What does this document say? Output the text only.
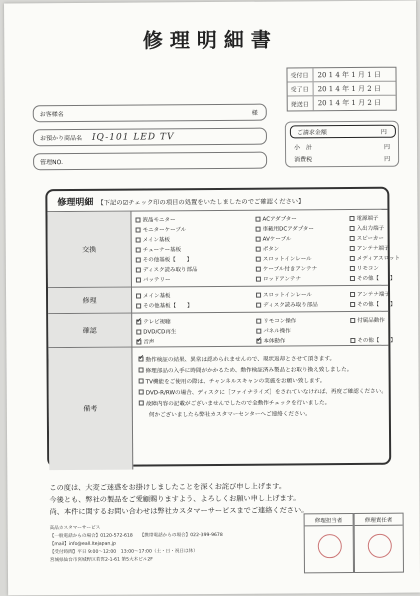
修理明細書
受付日	20 1 4 年 1 月 1 日
受了日	20 1 4 年 1 月 2 日
発送日	20 1 4 年 1 月 2 日
お客様名	様
お預かり商品名 IQ-101 LED TV
管理NO.
ご請求金額	円
小　計	円
消費税	円
修理明細 【下記の☑チェック印の項目の処置をいたしましたのでご確認ください】
交換
液晶モニター	ACアダプター	電源端子
モニターケーブル	車載用DCアダプター	入出力端子
メイン基板	AVケーブル	スピーカー
チューナー基板	ボタン	アンテナ端子
その他基板【　　】	スロットインレール	メディアスロット
ディスク読み取り部品	ケーブル付きアンテナ	リモコン
バッテリー	ロッドアンテナ	その他【　　】
修理
メイン基板	スロットインレール	アンテナ端子
その他基板【　　】	ディスク読み取り部品	その他【　　】
確認
✓
テレビ視聴	リモコン操作	付属品動作
DVD/CD再生	パネル操作
✓
音声
✓	本体動作	その他【　　】
備考
✓動作検証の結果、異常は認められませんので、現状返却とさせて頂きます。
修理部品の入手に時間がかかるため、動作検証済み製品とお取り換え致しました。
TV機能をご使用の際は、チャンネルスキャンの実施をお願い致します。
DVD-R/RWの場合、ディスクに［ファイナライズ］をされていなければ、再度ご確認ください。
故障内容の記載がございませんでしたので全動作チェックを行いました。
何かございましたら弊社カスタマーセンターへご連絡ください。
この度は、大変ご迷惑をお掛けしましたことを深くお詫び申し上げます。
今後とも、弊社の製品をご愛顧賜りますよう、よろしくお願い申し上げます。
尚、本件に関するお問い合わせは弊社カスタマーサービスまでご連絡ください。
高品カスタマーサービス
【一般電話からの場合】0120-572-618　　【携帯電話からの場合】022-399-9678
【mail】info@eall.ltejapan.jp
【受付時間】平日 9:00〜12:00　13:00〜17:00（土・日・祝日は休）
宮城県仙台市宮城野区若宮2-1-61 第5大木ビル2F
修理担当者	修理責任者
